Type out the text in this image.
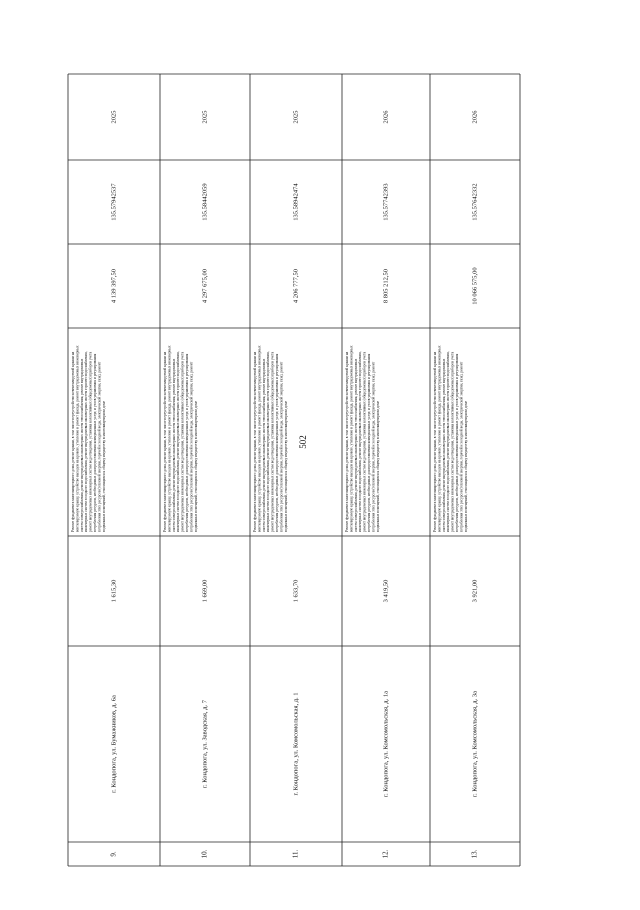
502
9.
г. Кондопога, ул. Бумажников, д. 6а
1 615,30
4 139 397,50
135.57942537
2025
Ремонт фундамента многоквартирного дома, ремонт крыши, в том числе переустройство невентилируемой крыши навентилируемую крышу, устройство выходов на кровлю, утепление и ремонт фасада, ремонт внутридомовых инженерныхсистем электроснабжения, ремонт внутридомовых инженерных систем теплоснабжения, ремонт внутридомовыхинженерных систем холодного водоснабжения, ремонт внутридомовых инженерных систем горячего водоснабжения,ремонт внутридомовых инженерных систем водоотведения, установка коллективных (общедомовых) приборов учетапотребления ресурсов, необходимых для предоставления коммунальных услуг, и узлов управления и регулированияпотребления этих ресурсов (тепловой энергии, горячей и холодной воды, электрической энергии, газа), ремонтподвальных помещений, относящихся к общему имуществу в многоквартирном доме
10.
г. Кондопога, ул. Заводская, д. 7
1 669,00
4 297 675,00
135.58442059
2025
Ремонт фундамента многоквартирного дома, ремонт крыши, в том числе переустройство невентилируемой крыши навентилируемую крышу, устройство выходов на кровлю, утепление и ремонт фасада, ремонт внутридомовых инженерныхсистем электроснабжения, ремонт внутридомовых инженерных систем теплоснабжения, ремонт внутридомовыхинженерных систем холодного водоснабжения, ремонт внутридомовых инженерных систем горячего водоснабжения,ремонт внутридомовых инженерных систем водоотведения, установка коллективных (общедомовых) приборов учетапотребления ресурсов, необходимых для предоставления коммунальных услуг, и узлов управления и регулированияпотребления этих ресурсов (тепловой энергии, горячей и холодной воды, электрической энергии, газа), ремонтподвальных помещений, относящихся к общему имуществу в многоквартирном доме
11.
г. Кондопога, ул. Комсомольская, д. 1
1 633,70
4 206 777,50
135.58942474
2025
Ремонт фундамента многоквартирного дома, ремонт крыши, в том числе переустройство невентилируемой крыши навентилируемую крышу, устройство выходов на кровлю, утепление и ремонт фасада, ремонт внутридомовых инженерныхсистем электроснабжения, ремонт внутридомовых инженерных систем теплоснабжения, ремонт внутридомовыхинженерных систем холодного водоснабжения, ремонт внутридомовых инженерных систем горячего водоснабжения,ремонт внутридомовых инженерных систем водоотведения, установка коллективных (общедомовых) приборов учетапотребления ресурсов, необходимых для предоставления коммунальных услуг, и узлов управления и регулированияпотребления этих ресурсов (тепловой энергии, горячей и холодной воды, электрической энергии, газа), ремонтподвальных помещений, относящихся к общему имуществу в многоквартирном доме
12.
г. Кондопога, ул. Комсомольская, д. 1а
3 419,50
8 805 212,50
135.57742393
2026
Ремонт фундамента многоквартирного дома, ремонт крыши, в том числе переустройство невентилируемой крыши навентилируемую крышу, устройство выходов на кровлю, утепление и ремонт фасада, ремонт внутридомовых инженерныхсистем электроснабжения, ремонт внутридомовых инженерных систем теплоснабжения, ремонт внутридомовыхинженерных систем холодного водоснабжения, ремонт внутридомовых инженерных систем горячего водоснабжения,ремонт внутридомовых инженерных систем водоотведения, установка коллективных (общедомовых) приборов учетапотребления ресурсов, необходимых для предоставления коммунальных услуг, и узлов управления и регулированияпотребления этих ресурсов (тепловой энергии, горячей и холодной воды, электрической энергии, газа), ремонтподвальных помещений, относящихся к общему имуществу в многоквартирном доме
13.
г. Кондопога, ул. Комсомольская, д. 3а
3 921,00
10 066 575,00
135.57642332
2026
Ремонт фундамента многоквартирного дома, ремонт крыши, в том числе переустройство невентилируемой крыши навентилируемую крышу, устройство выходов на кровлю, утепление и ремонт фасада, ремонт внутридомовых инженерныхсистем электроснабжения, ремонт внутридомовых инженерных систем теплоснабжения, ремонт внутридомовыхинженерных систем холодного водоснабжения, ремонт внутридомовых инженерных систем горячего водоснабжения,ремонт внутридомовых инженерных систем водоотведения, установка коллективных (общедомовых) приборов учетапотребления ресурсов, необходимых для предоставления коммунальных услуг, и узлов управления и регулированияпотребления этих ресурсов (тепловой энергии, горячей и холодной воды, электрической энергии, газа), ремонтподвальных помещений, относящихся к общему имуществу в многоквартирном доме
